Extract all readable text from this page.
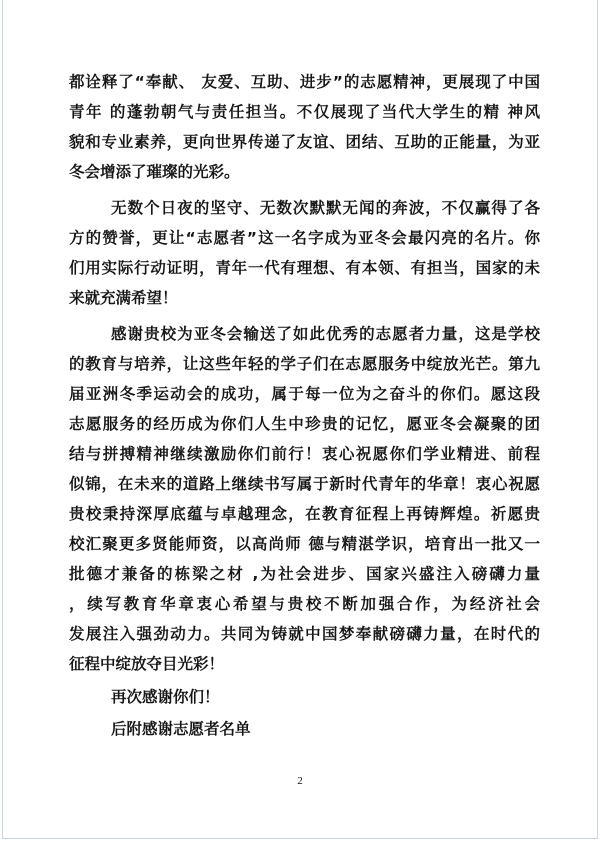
都诠释了“奉献、 友爱、互助、进步”的志愿精神，更展现了中国
青年 的蓬勃朝气与责任担当。不仅展现了当代大学生的精 神风
貌和专业素养，更向世界传递了友谊、团结、互助的正能量，为亚
冬会增添了璀璨的光彩。
无数个日夜的坚守、无数次默默无闻的奔波，不仅赢得了各
方的赞誉，更让“志愿者”这一名字成为亚冬会最闪亮的名片。你
们用实际行动证明，青年一代有理想、有本领、有担当，国家的未
来就充满希望！
感谢贵校为亚冬会输送了如此优秀的志愿者力量，这是学校
的教育与培养，让这些年轻的学子们在志愿服务中绽放光芒。第九
届亚洲冬季运动会的成功，属于每一位为之奋斗的你们。愿这段
志愿服务的经历成为你们人生中珍贵的记忆，愿亚冬会凝聚的团
结与拼搏精神继续激励你们前行！衷心祝愿你们学业精进、前程
似锦，在未来的道路上继续书写属于新时代青年的华章！衷心祝愿
贵校秉持深厚底蕴与卓越理念，在教育征程上再铸辉煌。祈愿贵
校汇聚更多贤能师资，以高尚师 德与精湛学识，培育出一批又一
批德才兼备的栋梁之材 ,为社会进步、国家兴盛注入磅礴力量
，续写教育华章衷心希望与贵校不断加强合作，为经济社会
发展注入强劲动力。共同为铸就中国梦奉献磅礴力量，在时代的
征程中绽放夺目光彩！
再次感谢你们！
后附感谢志愿者名单
2
